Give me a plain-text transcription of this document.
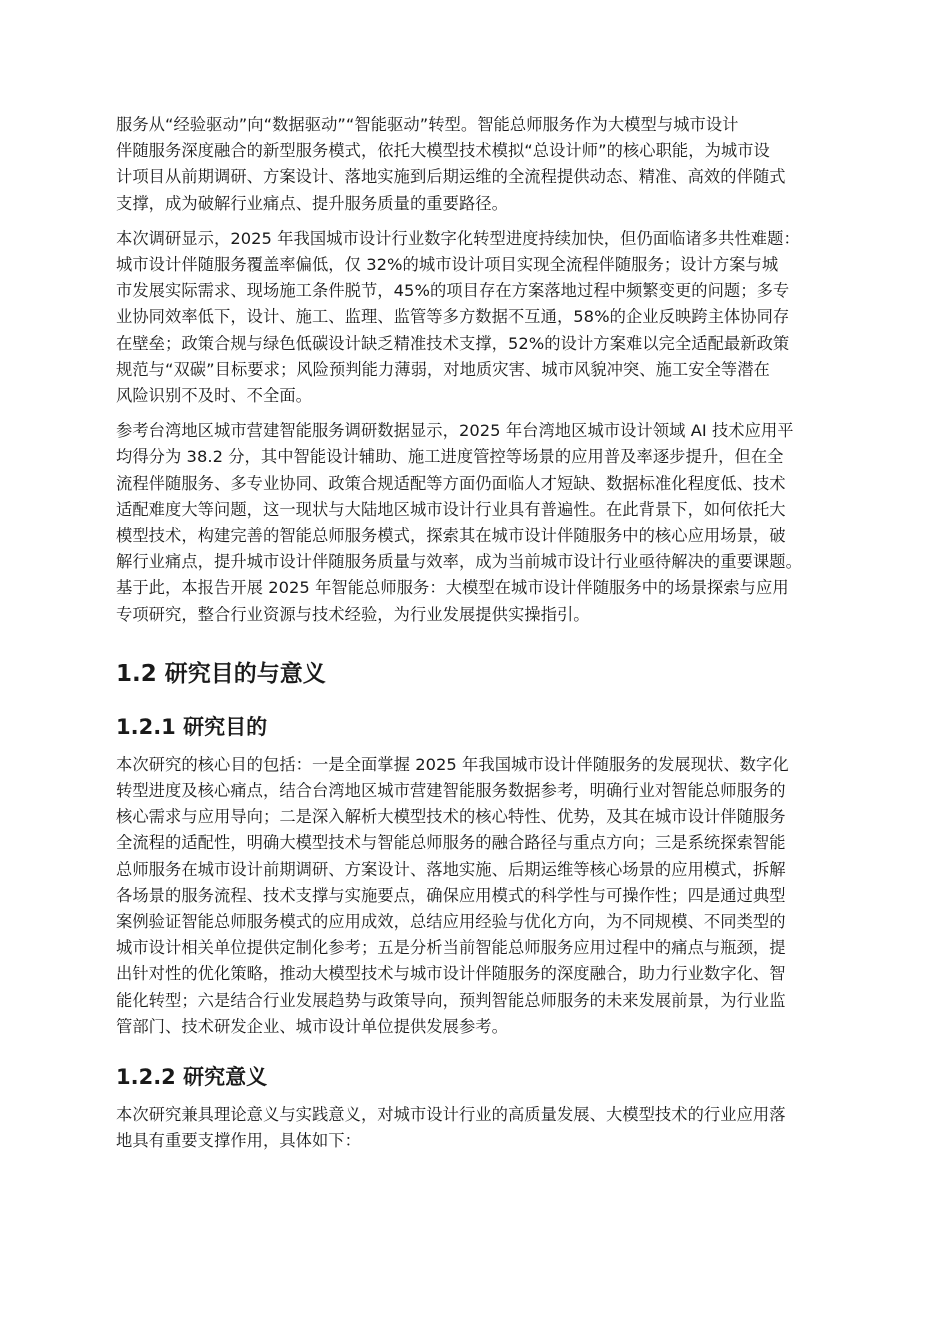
服务从“经验驱动”向“数据驱动”“智能驱动”转型。智能总师服务作为大模型与城市设计
伴随服务深度融合的新型服务模式，依托大模型技术模拟“总设计师”的核心职能，为城市设
计项目从前期调研、方案设计、落地实施到后期运维的全流程提供动态、精准、高效的伴随式
支撑，成为破解行业痛点、提升服务质量的重要路径。

本次调研显示，2025 年我国城市设计行业数字化转型进度持续加快，但仍面临诸多共性难题：
城市设计伴随服务覆盖率偏低，仅 32%的城市设计项目实现全流程伴随服务；设计方案与城
市发展实际需求、现场施工条件脱节，45%的项目存在方案落地过程中频繁变更的问题；多专
业协同效率低下，设计、施工、监理、监管等多方数据不互通，58%的企业反映跨主体协同存
在壁垒；政策合规与绿色低碳设计缺乏精准技术支撑，52%的设计方案难以完全适配最新政策
规范与“双碳”目标要求；风险预判能力薄弱，对地质灾害、城市风貌冲突、施工安全等潜在
风险识别不及时、不全面。

参考台湾地区城市营建智能服务调研数据显示，2025 年台湾地区城市设计领域 AI 技术应用平
均得分为 38.2 分，其中智能设计辅助、施工进度管控等场景的应用普及率逐步提升，但在全
流程伴随服务、多专业协同、政策合规适配等方面仍面临人才短缺、数据标准化程度低、技术
适配难度大等问题，这一现状与大陆地区城市设计行业具有普遍性。在此背景下，如何依托大
模型技术，构建完善的智能总师服务模式，探索其在城市设计伴随服务中的核心应用场景，破
解行业痛点，提升城市设计伴随服务质量与效率，成为当前城市设计行业亟待解决的重要课题。
基于此，本报告开展 2025 年智能总师服务：大模型在城市设计伴随服务中的场景探索与应用
专项研究，整合行业资源与技术经验，为行业发展提供实操指引。

1.2 研究目的与意义
1.2.1 研究目的

本次研究的核心目的包括：一是全面掌握 2025 年我国城市设计伴随服务的发展现状、数字化
转型进度及核心痛点，结合台湾地区城市营建智能服务数据参考，明确行业对智能总师服务的
核心需求与应用导向；二是深入解析大模型技术的核心特性、优势，及其在城市设计伴随服务
全流程的适配性，明确大模型技术与智能总师服务的融合路径与重点方向；三是系统探索智能
总师服务在城市设计前期调研、方案设计、落地实施、后期运维等核心场景的应用模式，拆解
各场景的服务流程、技术支撑与实施要点，确保应用模式的科学性与可操作性；四是通过典型
案例验证智能总师服务模式的应用成效，总结应用经验与优化方向，为不同规模、不同类型的
城市设计相关单位提供定制化参考；五是分析当前智能总师服务应用过程中的痛点与瓶颈，提
出针对性的优化策略，推动大模型技术与城市设计伴随服务的深度融合，助力行业数字化、智
能化转型；六是结合行业发展趋势与政策导向，预判智能总师服务的未来发展前景，为行业监
管部门、技术研发企业、城市设计单位提供发展参考。

1.2.2 研究意义

本次研究兼具理论意义与实践意义，对城市设计行业的高质量发展、大模型技术的行业应用落
地具有重要支撑作用，具体如下：
